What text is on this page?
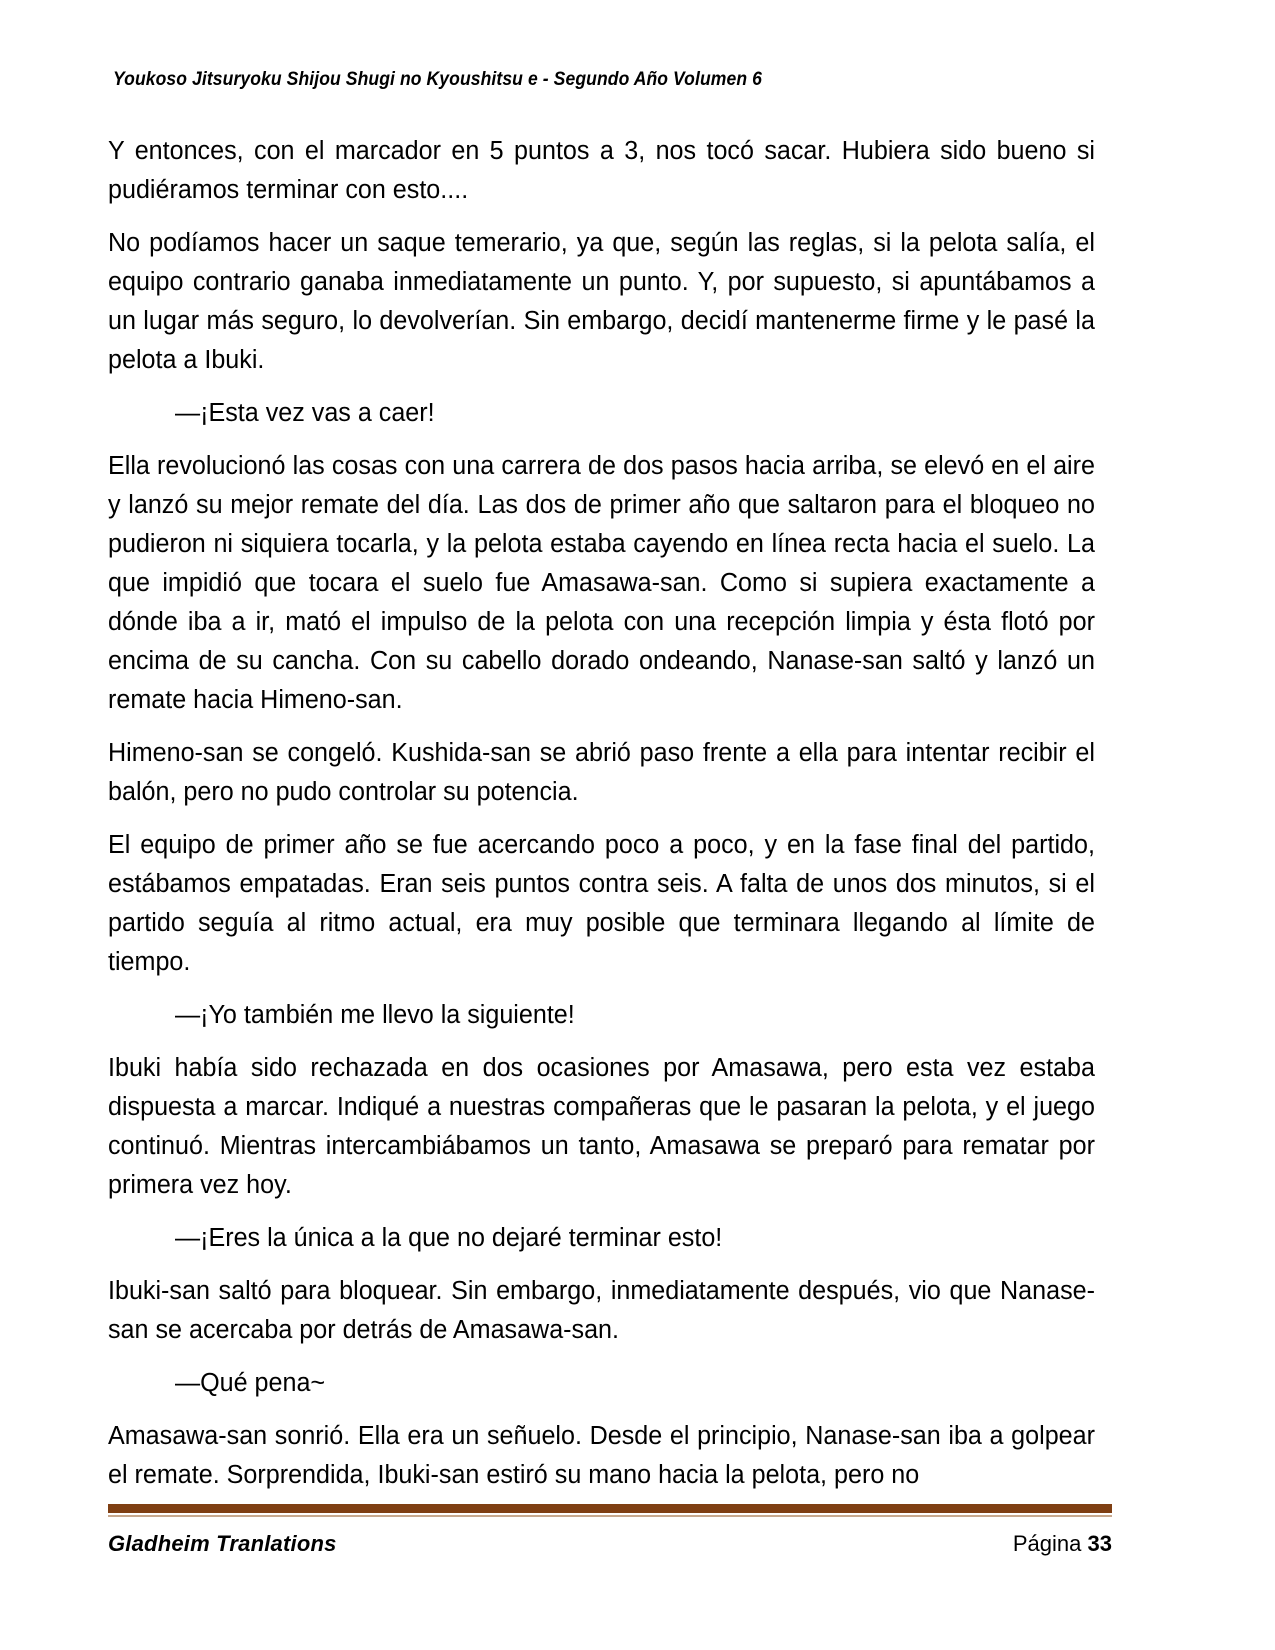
Youkoso Jitsuryoku Shijou Shugi no Kyoushitsu e - Segundo Año Volumen 6

Y entonces, con el marcador en 5 puntos a 3, nos tocó sacar. Hubiera sido bueno si pudiéramos terminar con esto....

No podíamos hacer un saque temerario, ya que, según las reglas, si la pelota salía, el equipo contrario ganaba inmediatamente un punto. Y, por supuesto, si apuntábamos a un lugar más seguro, lo devolverían. Sin embargo, decidí mantenerme firme y le pasé la pelota a Ibuki.

—¡Esta vez vas a caer!

Ella revolucionó las cosas con una carrera de dos pasos hacia arriba, se elevó en el aire y lanzó su mejor remate del día. Las dos de primer año que saltaron para el bloqueo no pudieron ni siquiera tocarla, y la pelota estaba cayendo en línea recta hacia el suelo. La que impidió que tocara el suelo fue Amasawa-san. Como si supiera exactamente a dónde iba a ir, mató el impulso de la pelota con una recepción limpia y ésta flotó por encima de su cancha. Con su cabello dorado ondeando, Nanase-san saltó y lanzó un remate hacia Himeno-san.

Himeno-san se congeló. Kushida-san se abrió paso frente a ella para intentar recibir el balón, pero no pudo controlar su potencia.

El equipo de primer año se fue acercando poco a poco, y en la fase final del partido, estábamos empatadas. Eran seis puntos contra seis. A falta de unos dos minutos, si el partido seguía al ritmo actual, era muy posible que terminara llegando al límite de tiempo.

—¡Yo también me llevo la siguiente!

Ibuki había sido rechazada en dos ocasiones por Amasawa, pero esta vez estaba dispuesta a marcar. Indiqué a nuestras compañeras que le pasaran la pelota, y el juego continuó. Mientras intercambiábamos un tanto, Amasawa se preparó para rematar por primera vez hoy.

—¡Eres la única a la que no dejaré terminar esto!

Ibuki-san saltó para bloquear. Sin embargo, inmediatamente después, vio que Nanase-san se acercaba por detrás de Amasawa-san.

—Qué pena~

Amasawa-san sonrió. Ella era un señuelo. Desde el principio, Nanase-san iba a golpear el remate. Sorprendida, Ibuki-san estiró su mano hacia la pelota, pero no

Gladheim Tranlations	Página 33
